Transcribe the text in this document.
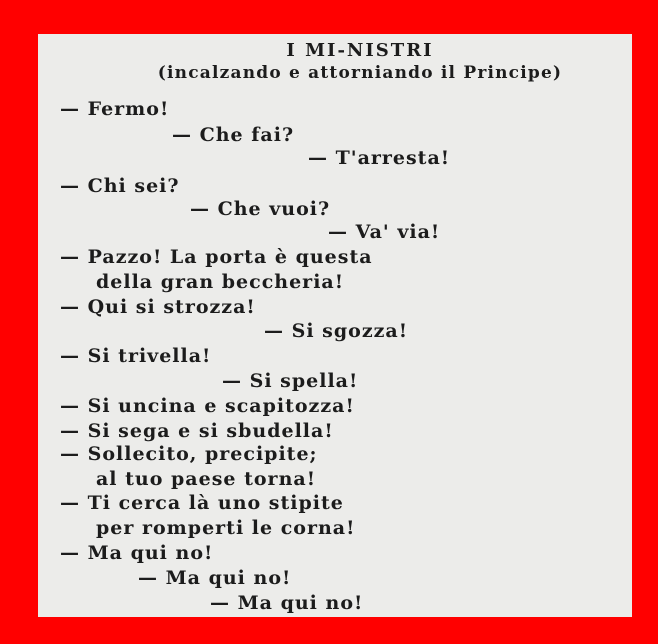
I MI-NISTRI
(incalzando e attorniando il Principe)
— Fermo!
— Che fai?
— T'arresta!
— Chi sei?
— Che vuoi?
— Va' via!
— Pazzo! La porta è questa
della gran beccheria!
— Qui si strozza!
— Si sgozza!
— Si trivella!
— Si spella!
— Si uncina e scapitozza!
— Si sega e si sbudella!
— Sollecito, precipite;
al tuo paese torna!
— Ti cerca là uno stipite
per romperti le corna!
— Ma qui no!
— Ma qui no!
— Ma qui no!
